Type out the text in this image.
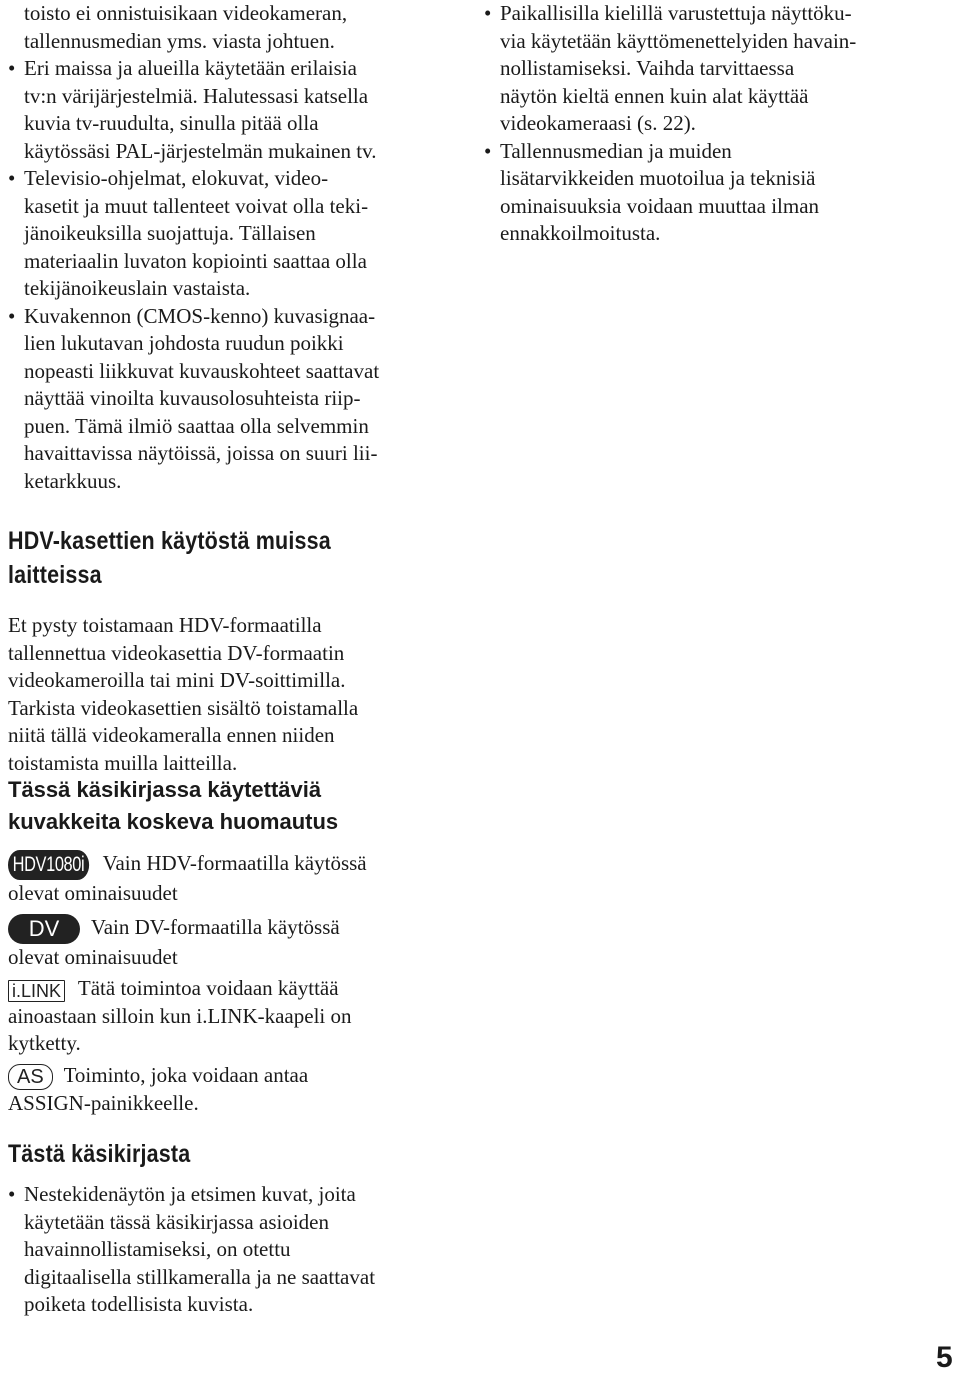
toisto ei onnistuisikaan videokameran,
tallennusmedian yms. viasta johtuen.

• Eri maissa ja alueilla käytetään erilaisia
tv:n värijärjestelmiä. Halutessasi katsella
kuvia tv-ruudulta, sinulla pitää olla
käytössäsi PAL-järjestelmän mukainen tv.

• Televisio-ohjelmat, elokuvat, video-
kasetit ja muut tallenteet voivat olla teki-
jänoikeuksilla suojattuja. Tällaisen
materiaalin luvaton kopiointi saattaa olla
tekijänoikeuslain vastaista.

• Kuvakennon (CMOS-kenno) kuvasignaa-
lien lukutavan johdosta ruudun poikki
nopeasti liikkuvat kuvauskohteet saattavat
näyttää vinoilta kuvausolosuhteista riip-
puen. Tämä ilmiö saattaa olla selvemmin
havaittavissa näytöissä, joissa on suuri lii-
ketarkkuus.

• Paikallisilla kielillä varustettuja näyttöku-
via käytetään käyttömenettelyiden havain-
nollistamiseksi. Vaihda tarvittaessa
näytön kieltä ennen kuin alat käyttää
videokameraasi (s. 22).

• Tallennusmedian ja muiden
lisätarvikkeiden muotoilua ja teknisiä
ominaisuuksia voidaan muuttaa ilman
ennakkoilmoitusta.

HDV-kasettien käytöstä muissa
laitteissa

Et pysty toistamaan HDV-formaatilla
tallennettua videokasettia DV-formaatin
videokameroilla tai mini DV-soittimilla.
Tarkista videokasettien sisältö toistamalla
niitä tällä videokameralla ennen niiden
toistamista muilla laitteilla.

Tässä käsikirjassa käytettäviä
kuvakkeita koskeva huomautus

HDV1080i Vain HDV-formaatilla käytössä
olevat ominaisuudet

DV Vain DV-formaatilla käytössä
olevat ominaisuudet

i.LINK Tätä toimintoa voidaan käyttää
ainoastaan silloin kun i.LINK-kaapeli on
kytketty.

AS Toiminto, joka voidaan antaa
ASSIGN-painikkeelle.

Tästä käsikirjasta

• Nestekidenäytön ja etsimen kuvat, joita
käytetään tässä käsikirjassa asioiden
havainnollistamiseksi, on otettu
digitaalisella stillkameralla ja ne saattavat
poiketa todellisista kuvista.

5
